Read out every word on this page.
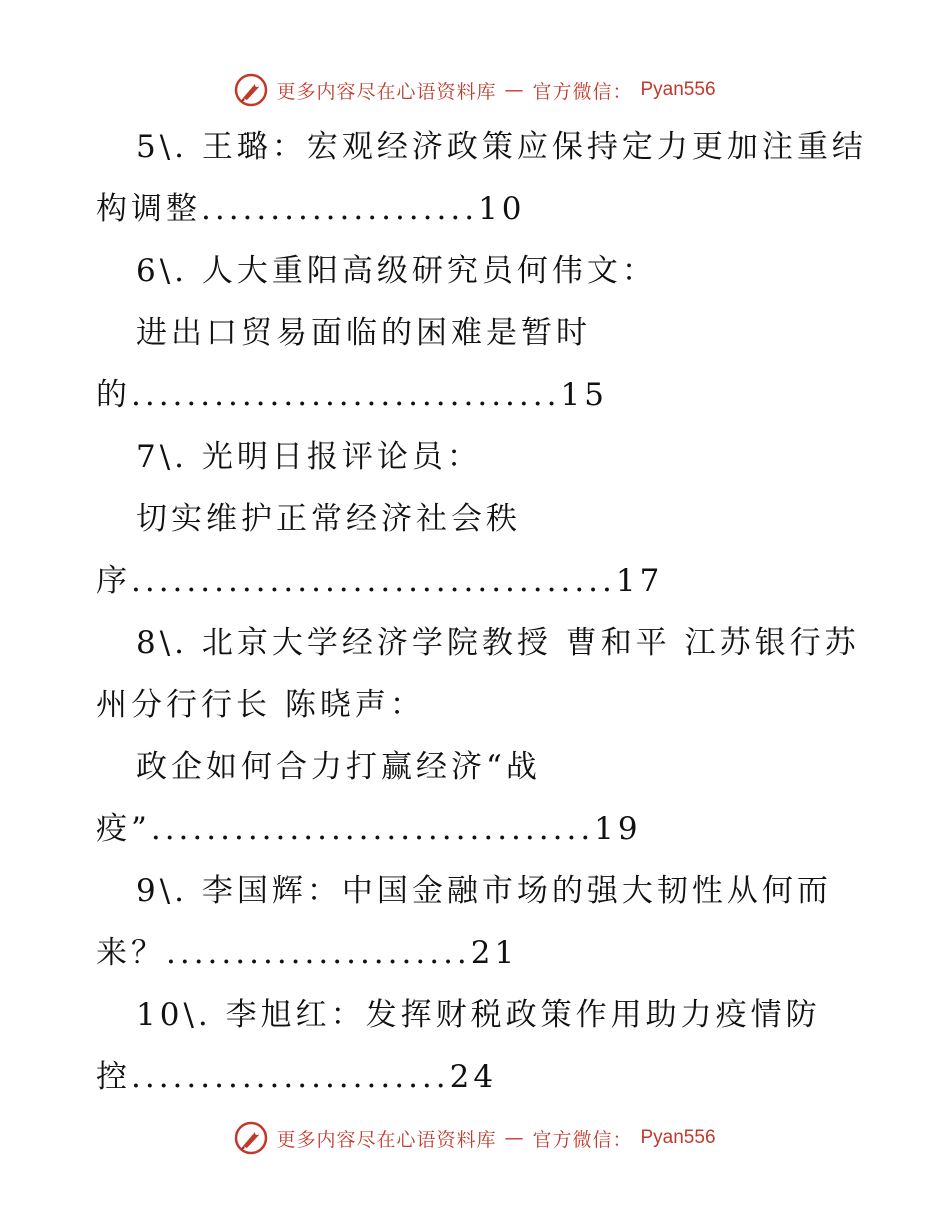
更多内容尽在心语资料库 — 官方微信： Pyan556
5\. 王璐：宏观经济政策应保持定力更加注重结
构调整....................10
6\. 人大重阳高级研究员何伟文：
进出口贸易面临的困难是暂时
的...............................15
7\. 光明日报评论员：
切实维护正常经济社会秩
序...................................17
8\. 北京大学经济学院教授 曹和平 江苏银行苏
州分行行长 陈晓声：
政企如何合力打赢经济“战
疫”................................19
9\. 李国辉：中国金融市场的强大韧性从何而
来？......................21
10\. 李旭红：发挥财税政策作用助力疫情防
控.......................24
更多内容尽在心语资料库 — 官方微信： Pyan556
